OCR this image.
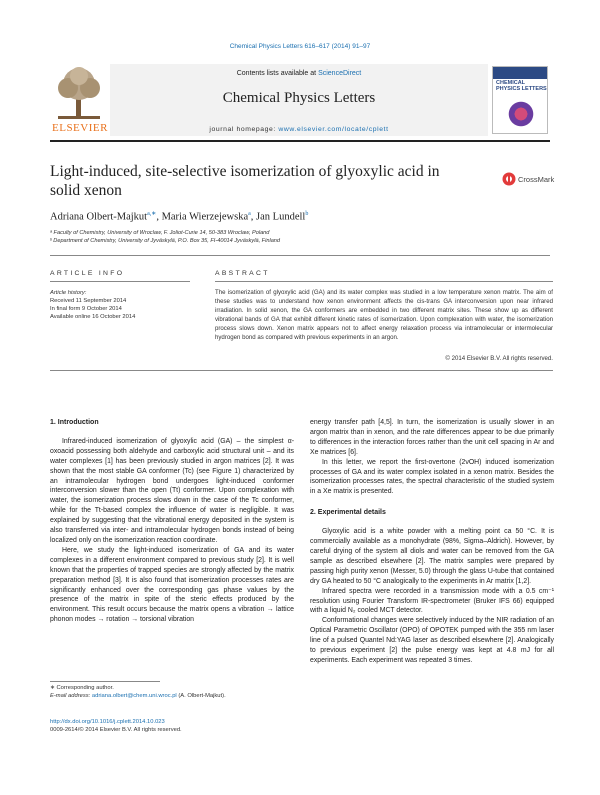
Chemical Physics Letters 616–617 (2014) 91–97
ELSEVIER
Contents lists available at ScienceDirect
Chemical Physics Letters
journal homepage: www.elsevier.com/locate/cplett
CHEMICAL PHYSICS LETTERS
Light-induced, site-selective isomerization of glyoxylic acid in solid xenon
CrossMark
Adriana Olbert-Majkut$^{a,∗}$, Maria Wierzejewska$^a$, Jan Lundell$^b$
ᵃ Faculty of Chemistry, University of Wroclaw, F. Joliot-Curie 14, 50-383 Wroclaw, Poland
ᵇ Department of Chemistry, University of Jyväskylä, P.O. Box 35, FI-40014 Jyväskylä, Finland
ARTICLE INFO	ABSTRACT
Article history:
Received 11 September 2014
In final form 9 October 2014
Available online 16 October 2014
The isomerization of glyoxylic acid (GA) and its water complex was studied in a low temperature xenon matrix. The aim of these studies was to understand how xenon environment affects the cis-trans GA interconversion upon near infrared irradiation. In solid xenon, the GA conformers are embedded in two different matrix sites. These show up as different vibrational bands of GA that exhibit different kinetic rates of isomerization. Upon complexation with water, the isomerization process slows down. Xenon matrix appears not to affect energy relaxation process via intramolecular or intermolecular hydrogen bond as compared with previous experiments in an argon.
© 2014 Elsevier B.V. All rights reserved.
1. Introduction

Infrared-induced isomerization of glyoxylic acid (GA) – the simplest α-oxoacid possessing both aldehyde and carboxylic acid structural unit – and its water complexes [1] has been previously studied in argon matrices [2]. It was shown that the most stable GA conformer (Tc) (see Figure 1) characterized by an intramolecular hydrogen bond undergoes light-induced conformer interconversion slower than the open (Tt) conformer. Upon complexation with water, the isomerization process slows down in the case of the Tc conformer, while for the Tt-based complex the influence of water is negligible. It was explained by suggesting that the vibrational energy deposited in the system is also transferred via inter- and intramolecular hydrogen bonds instead of being localized only on the isomerization reaction coordinate.

Here, we study the light-induced isomerization of GA and its water complexes in a different environment compared to previous study [2]. It is well known that the properties of trapped species are strongly affected by the matrix preparation method [3]. It is also found that isomerization processes rates are significantly enhanced over the corresponding gas phase values by the presence of the matrix in spite of the steric effects produced by the environment. This result occurs because the matrix opens a vibration → lattice phonon modes → rotation → torsional vibration

energy transfer path [4,5]. In turn, the isomerization is usually slower in an argon matrix than in xenon, and the rate differences appear to be due primarily to differences in the interaction forces rather than the unit cell spacing in Ar and Xe matrices [6].

In this letter, we report the first-overtone (2νOH) induced isomerization processes of GA and its water complex isolated in a xenon matrix. Besides the isomerization processes rates, the spectral characteristic of the studied system in a Xe matrix is presented.

2. Experimental details

Glyoxylic acid is a white powder with a melting point ca 50 °C. It is commercially available as a monohydrate (98%, Sigma–Aldrich). However, by careful drying of the system all diols and water can be removed from the GA sample as described elsewhere [2]. The matrix samples were prepared by passing high purity xenon (Messer, 5.0) through the glass U-tube that contained dry GA heated to 50 °C analogically to the experiments in Ar matrix [1,2].

Infrared spectra were recorded in a transmission mode with a 0.5 cm⁻¹ resolution using Fourier Transform IR-spectrometer (Bruker IFS 66) equipped with a liquid N₂ cooled MCT detector.

Conformational changes were selectively induced by the NIR radiation of an Optical Parametric Oscillator (OPO) of OPOTEK pumped with the 355 nm laser line of a pulsed Quantel Nd:YAG laser as described elsewhere [2]. Analogically to previous experiment [2] the pulse energy was kept at 4.8 mJ for all experiments. Each experiment was repeated 3 times.

∗ Corresponding author.
E-mail address: adriana.olbert@chem.uni.wroc.pl (A. Olbert-Majkut).
http://dx.doi.org/10.1016/j.cplett.2014.10.023
0009-2614/© 2014 Elsevier B.V. All rights reserved.
